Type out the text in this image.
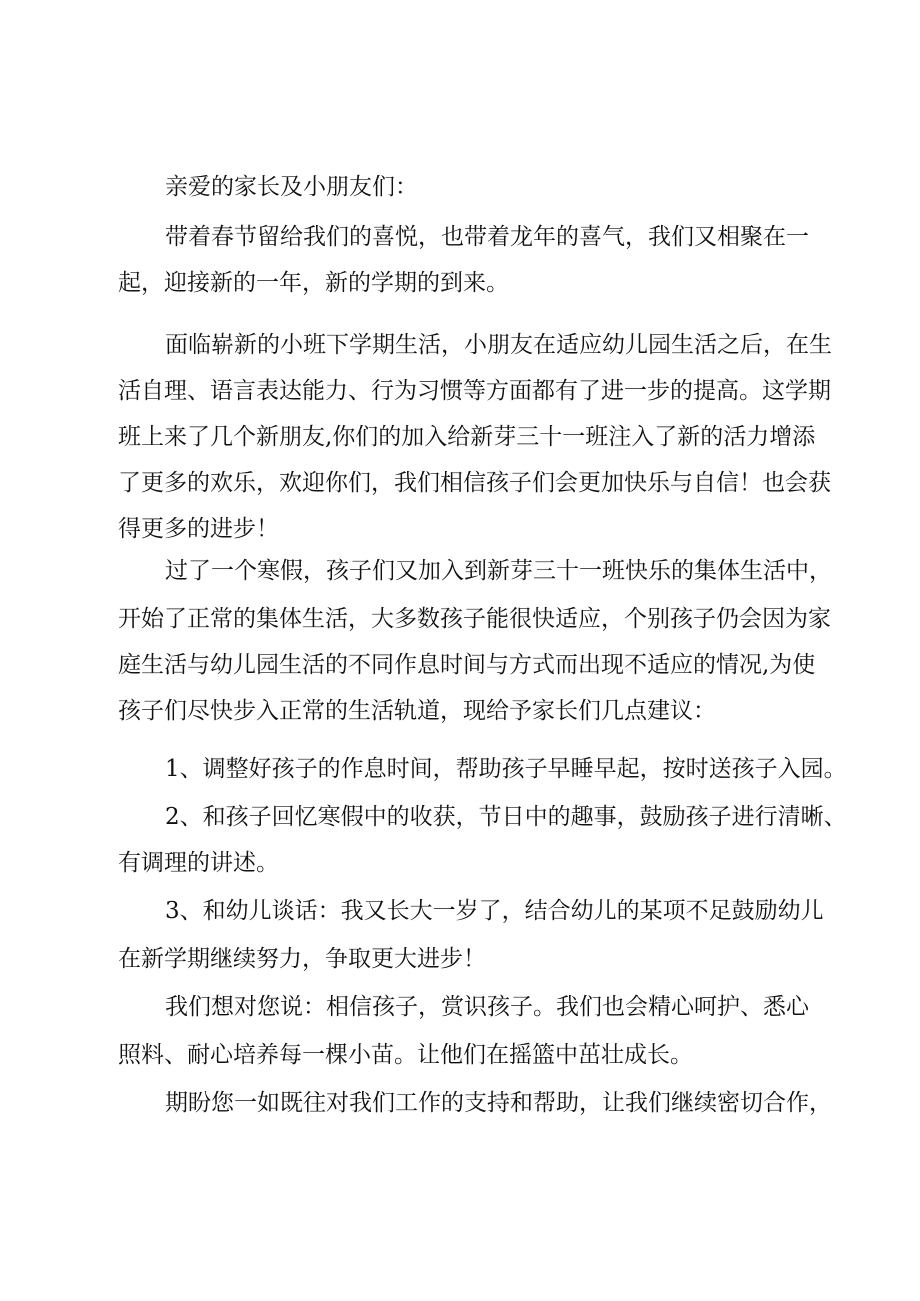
亲爱的家长及小朋友们：
带着春节留给我们的喜悦，也带着龙年的喜气，我们又相聚在一
起，迎接新的一年，新的学期的到来。
面临崭新的小班下学期生活，小朋友在适应幼儿园生活之后，在生
活自理、语言表达能力、行为习惯等方面都有了进一步的提高。这学期
班上来了几个新朋友,你们的加入给新芽三十一班注入了新的活力增添
了更多的欢乐，欢迎你们，我们相信孩子们会更加快乐与自信！也会获
得更多的进步！
过了一个寒假，孩子们又加入到新芽三十一班快乐的集体生活中，
开始了正常的集体生活，大多数孩子能很快适应，个别孩子仍会因为家
庭生活与幼儿园生活的不同作息时间与方式而出现不适应的情况,为使
孩子们尽快步入正常的生活轨道，现给予家长们几点建议：
1、调整好孩子的作息时间，帮助孩子早睡早起，按时送孩子入园。
2、和孩子回忆寒假中的收获，节日中的趣事，鼓励孩子进行清晰、
有调理的讲述。
3、和幼儿谈话：我又长大一岁了，结合幼儿的某项不足鼓励幼儿
在新学期继续努力，争取更大进步！
我们想对您说：相信孩子，赏识孩子。我们也会精心呵护、悉心
照料、耐心培养每一棵小苗。让他们在摇篮中茁壮成长。
期盼您一如既往对我们工作的支持和帮助，让我们继续密切合作，
